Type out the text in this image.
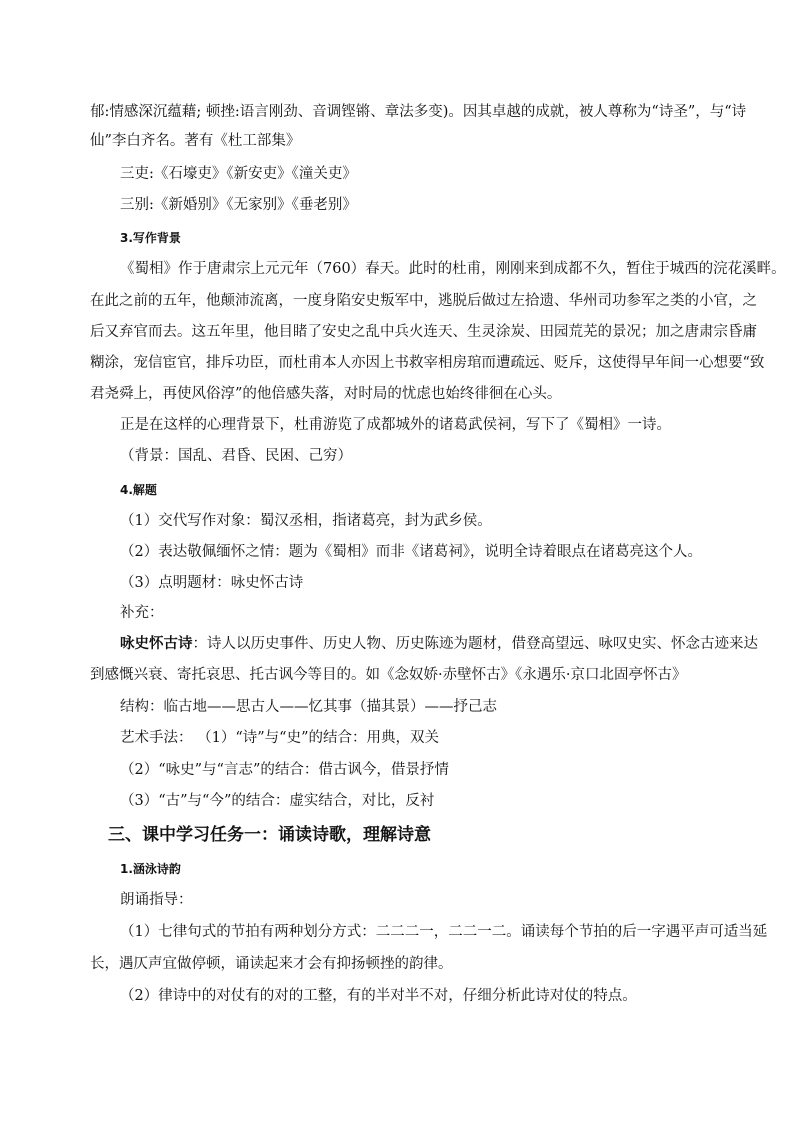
郁:情感深沉蕴藉; 顿挫:语言刚劲、音调铿锵、章法多变)。因其卓越的成就，被人尊称为“诗圣”，与“诗
仙”李白齐名。著有《杜工部集》
三吏:《石壕吏》《新安吏》《潼关吏》
三别:《新婚别》《无家别》《垂老别》
3.写作背景
《蜀相》作于唐肃宗上元元年（760）春天。此时的杜甫，刚刚来到成都不久，暂住于城西的浣花溪畔。
在此之前的五年，他颠沛流离，一度身陷安史叛军中，逃脱后做过左拾遗、华州司功参军之类的小官，之
后又弃官而去。这五年里，他目睹了安史之乱中兵火连天、生灵涂炭、田园荒芜的景况；加之唐肃宗昏庸
糊涂，宠信宦官，排斥功臣，而杜甫本人亦因上书救宰相房琯而遭疏远、贬斥，这使得早年间一心想要“致
君尧舜上，再使风俗淳”的他倍感失落，对时局的忧虑也始终徘徊在心头。
正是在这样的心理背景下，杜甫游览了成都城外的诸葛武侯祠，写下了《蜀相》一诗。
（背景：国乱、君昏、民困、己穷）
4.解题
（1）交代写作对象：蜀汉丞相，指诸葛亮，封为武乡侯。
（2）表达敬佩缅怀之情：题为《蜀相》而非《诸葛祠》，说明全诗着眼点在诸葛亮这个人。
（3）点明题材：咏史怀古诗
补充：
咏史怀古诗：诗人以历史事件、历史人物、历史陈迹为题材，借登高望远、咏叹史实、怀念古迹来达
到感慨兴衰、寄托哀思、托古讽今等目的。如《念奴娇·赤壁怀古》《永遇乐·京口北固亭怀古》
结构：临古地——思古人——忆其事（描其景）——抒己志
艺术手法： （1）“诗”与“史”的结合：用典，双关
（2）“咏史”与“言志”的结合：借古讽今，借景抒情
（3）“古”与“今”的结合：虚实结合，对比，反衬
三、课中学习任务一：诵读诗歌，理解诗意
1.涵泳诗韵
朗诵指导：
（1）七律句式的节拍有两种划分方式：二二二一，二二一二。诵读每个节拍的后一字遇平声可适当延
长，遇仄声宜做停顿，诵读起来才会有抑扬顿挫的韵律。
（2）律诗中的对仗有的对的工整，有的半对半不对，仔细分析此诗对仗的特点。
